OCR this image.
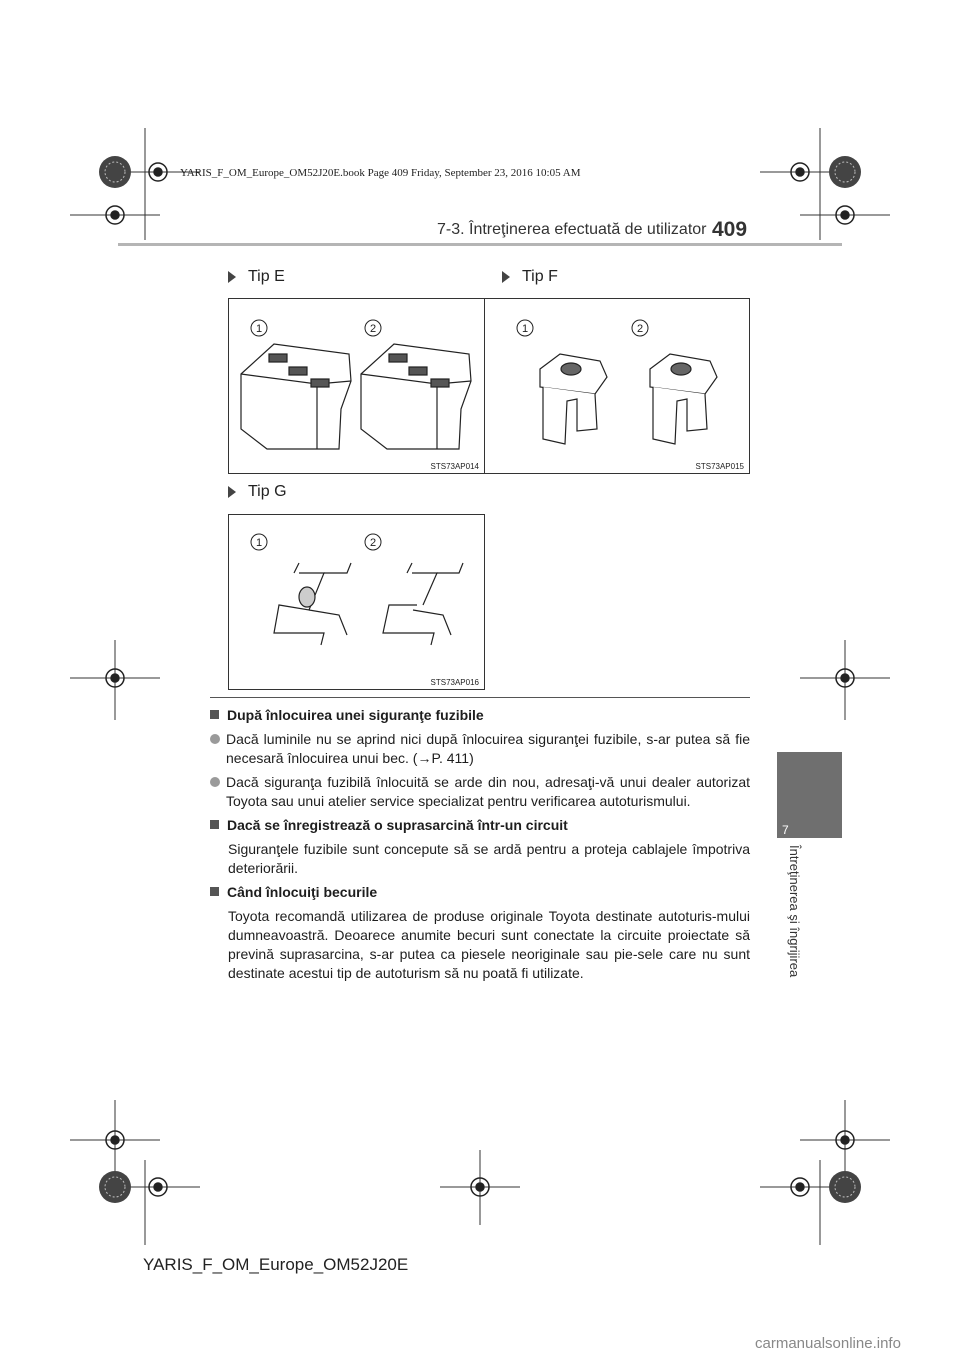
YARIS_F_OM_Europe_OM52J20E.book Page 409 Friday, September 23, 2016 10:05 AM
7-3. Întreţinerea efectuată de utilizator 409
7
Întreţinerea şi îngrijirea
Tip E	Tip F
Tip G
1	2
STS73AP014
1	2
STS73AP015
1	2
STS73AP016
După înlocuirea unei siguranţe fuzibile
Dacă luminile nu se aprind nici după înlocuirea siguranţei fuzibile, s-ar putea să fie necesară înlocuirea unui bec. (→P. 411)
Dacă siguranţa fuzibilă înlocuită se arde din nou, adresaţi-vă unui dealer autorizat Toyota sau unui atelier service specializat pentru verificarea autoturismului.
Dacă se înregistrează o suprasarcină într-un circuit
Siguranţele fuzibile sunt concepute să se ardă pentru a proteja cablajele împotriva deteriorării.
Când înlocuiţi becurile
Toyota recomandă utilizarea de produse originale Toyota destinate autoturis-mului dumneavoastră. Deoarece anumite becuri sunt conectate la circuite proiectate să prevină suprasarcina, s-ar putea ca piesele neoriginale sau pie-sele care nu sunt destinate acestui tip de autoturism să nu poată fi utilizate.
YARIS_F_OM_Europe_OM52J20E
carmanualsonline.info
